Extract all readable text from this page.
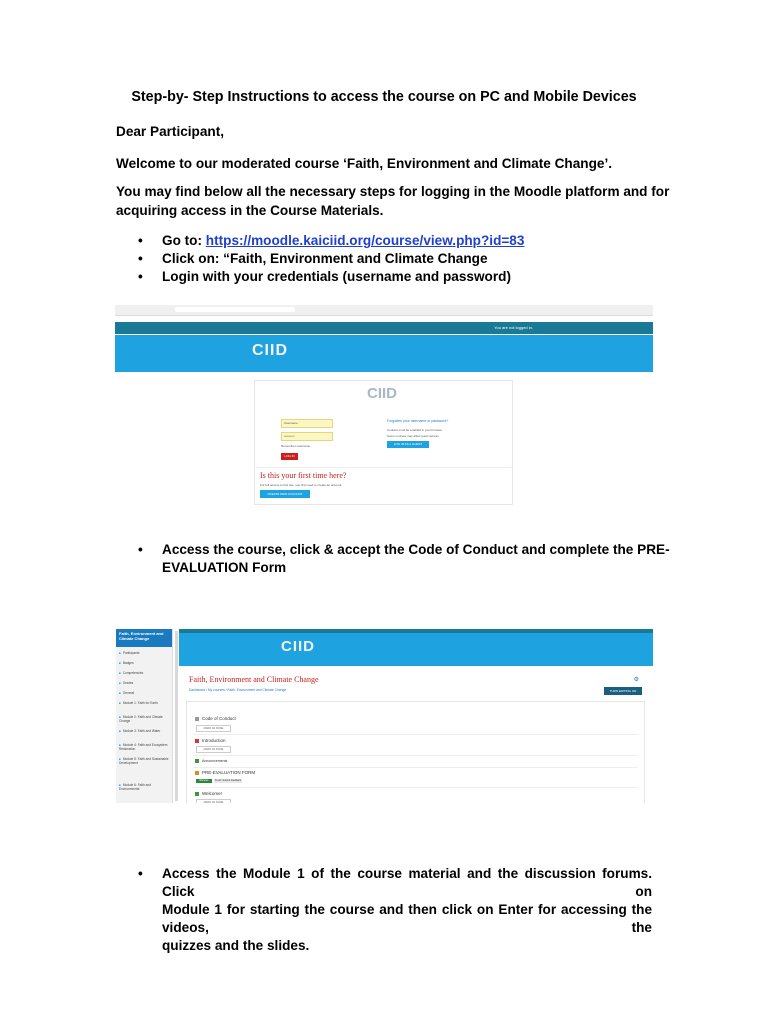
Step-by- Step Instructions to access the course on PC and Mobile Devices
Dear Participant,
Welcome to our moderated course ‘Faith, Environment and Climate Change’.
You may find below all the necessary steps for logging in the Moodle platform and for
acquiring access in the Course Materials.
• Go to: https://moodle.kaiciid.org/course/view.php?id=83
• Click on: “Faith, Environment and Climate Change
• Login with your credentials (username and password)
You are not logged in.
CIID
CIID
Username
••••••••••
Remember username
LOG IN
Forgotten your username or password?
Cookies must be enabled in your browser
Some courses may allow guest access
LOG IN AS A GUEST
Is this your first time here?
For full access to this site, you first need to create an account.
CREATE NEW ACCOUNT
• Access the course, click & accept the Code of Conduct and complete the PRE-
EVALUATION Form
Faith, Environment and Climate Change
■ Participants
■ Badges
■ Competencies
■ Grades
■ General
■ Module 1: Faith for Earth
■ Module 2: Faith and Climate Change
■ Module 3: Faith and Water
■ Module 4: Faith and Ecosystem Restoration
■ Module 5: Faith and Sustainable Development
■ Module 6: Faith and Environmental
CIID
Faith, Environment and Climate Change
Dashboard / My courses / Faith, Environment and Climate Change
⚙
TURN EDITING ON
Code of Conduct
MARK AS DONE
Introduction
MARK AS DONE
Announcements
PRE-EVALUATION FORM
Receive Grade
To do: Submit feedback
Welcome!
MARK AS DONE
• Access the Module 1 of the course material and the discussion forums. Click on
Module 1 for starting the course and then click on Enter for accessing the videos, the
quizzes and the slides.
